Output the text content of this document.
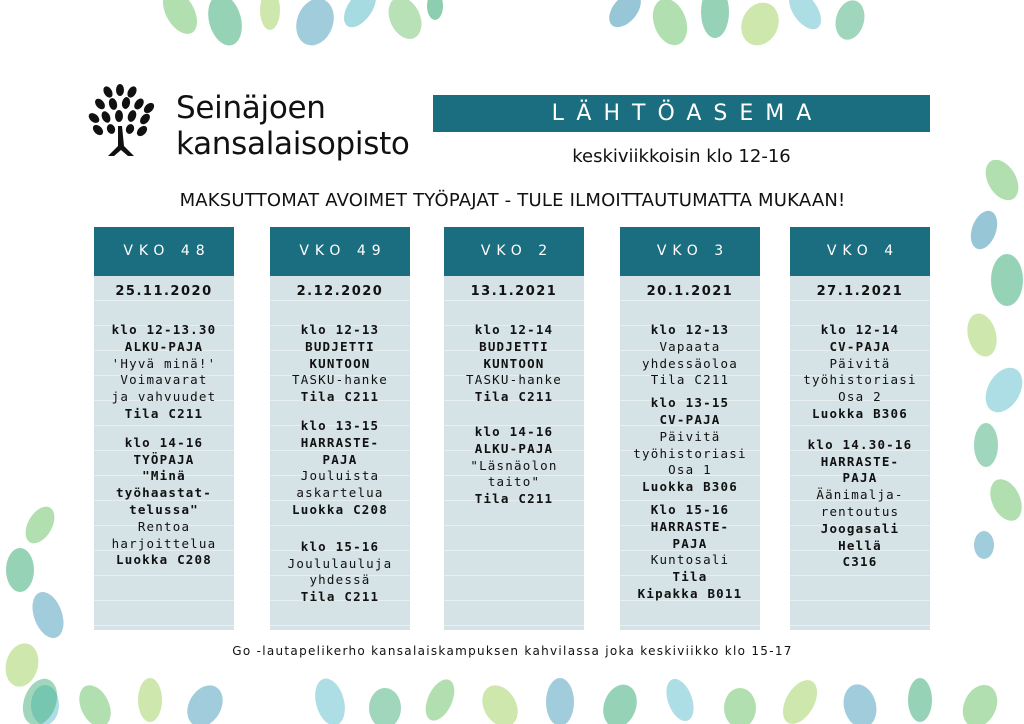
Seinäjoen
kansalaisopisto
LÄHTÖASEMA
keskiviikkoisin klo 12-16
MAKSUTTOMAT AVOIMET TYÖPAJAT - TULE ILMOITTAUTUMATTA MUKAAN!
VKO 48
25.11.2020
klo 12-13.30
ALKU-PAJA
'Hyvä minä!'
Voimavarat
ja vahvuudet
Tila C211
klo 14-16
TYÖPAJA
"Minä
työhaastat-
telussa"
Rentoa
harjoittelua
Luokka C208
VKO 49
2.12.2020
klo 12-13
BUDJETTI
KUNTOON
TASKU-hanke
Tila C211
klo 13-15
HARRASTE-
PAJA
Jouluista
askartelua
Luokka C208
klo 15-16
Joululauluja
yhdessä
Tila C211
VKO 2
13.1.2021
klo 12-14
BUDJETTI
KUNTOON
TASKU-hanke
Tila C211
klo 14-16
ALKU-PAJA
"Läsnäolon
taito"
Tila C211
VKO 3
20.1.2021
klo 12-13
Vapaata
yhdessäoloa
Tila C211
klo 13-15
CV-PAJA
Päivitä
työhistoriasi
Osa 1
Luokka B306
Klo 15-16
HARRASTE-
PAJA
Kuntosali
Tila
Kipakka B011
VKO 4
27.1.2021
klo 12-14
CV-PAJA
Päivitä
työhistoriasi
Osa 2
Luokka B306
klo 14.30-16
HARRASTE-
PAJA
Äänimalja-
rentoutus
Joogasali
Hellä
C316
Go -lautapelikerho kansalaiskampuksen kahvilassa joka keskiviikko klo 15-17
